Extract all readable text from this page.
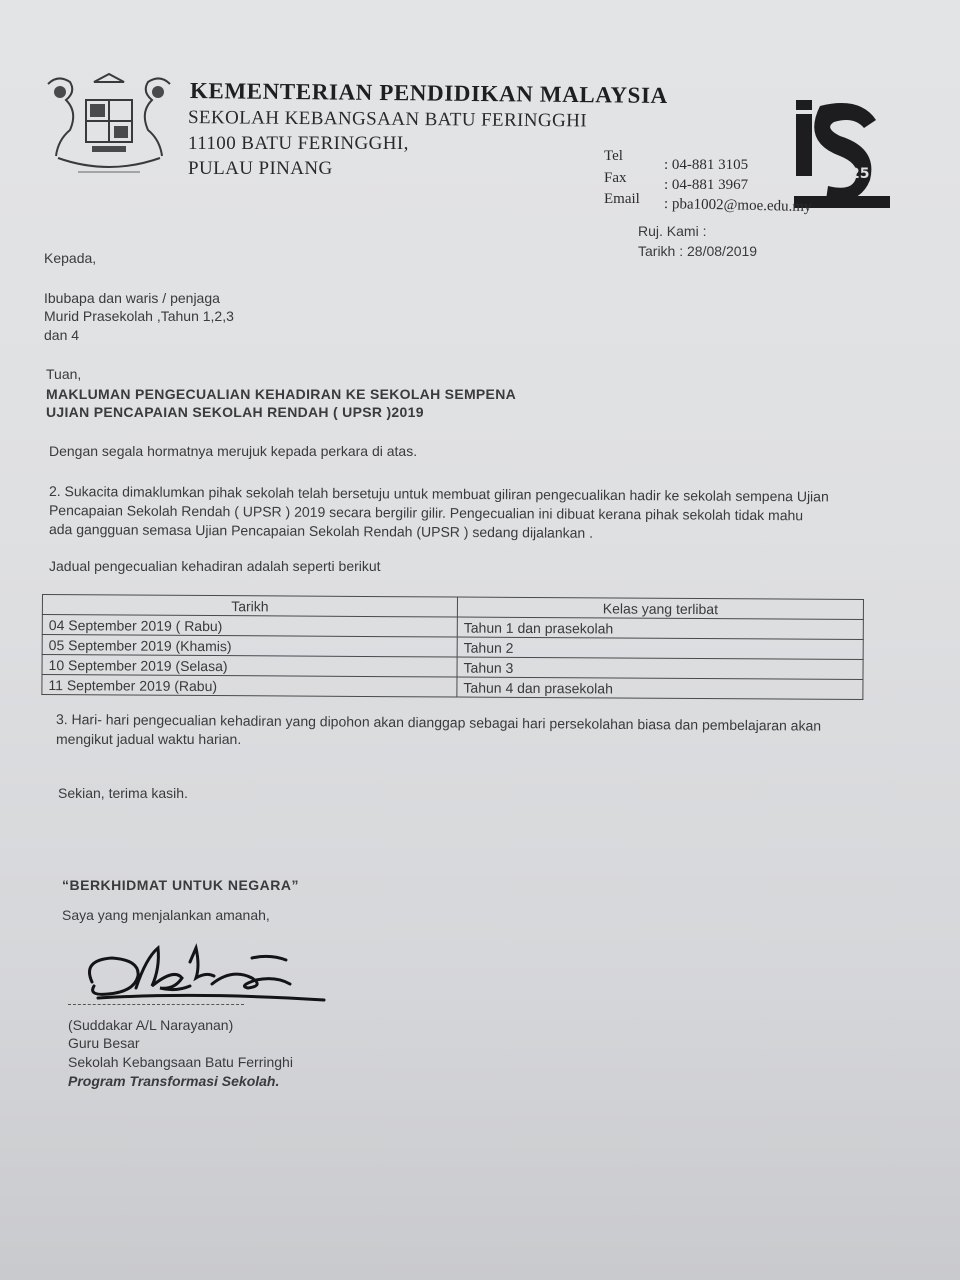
KEMENTERIAN PENDIDIKAN MALAYSIA
SEKOLAH KEBANGSAAN BATU FERINGGHI
11100 BATU FERINGGHI,
PULAU PINANG	25
Tel
: 04-881 3105
Fax	: 04-881 3967
Email : pba1002@moe.edu.my
Ruj. Kami :
Tarikh : 28/08/2019
Kepada,
Ibubapa dan waris / penjaga
Murid Prasekolah ,Tahun 1,2,3
dan 4
Tuan,
MAKLUMAN PENGECUALIAN KEHADIRAN KE SEKOLAH SEMPENA
UJIAN PENCAPAIAN SEKOLAH RENDAH ( UPSR )2019
Dengan segala hormatnya merujuk kepada perkara di atas.
2. Sukacita dimaklumkan pihak sekolah telah bersetuju untuk membuat giliran pengecualikan hadir ke sekolah sempena Ujian
Pencapaian Sekolah Rendah ( UPSR ) 2019 secara bergilir gilir. Pengecualian ini dibuat kerana pihak sekolah tidak mahu
ada gangguan semasa Ujian Pencapaian Sekolah Rendah (UPSR ) sedang dijalankan .
Jadual pengecualian kehadiran adalah seperti berikut
Tarikh	Kelas yang terlibat
04 September 2019 ( Rabu)	Tahun 1 dan prasekolah
05 September 2019 (Khamis)	Tahun 2
10 September 2019 (Selasa)	Tahun 3
11 September 2019 (Rabu)	Tahun 4 dan prasekolah
3. Hari- hari pengecualian kehadiran yang dipohon akan dianggap sebagai hari persekolahan biasa dan pembelajaran akan
mengikut jadual waktu harian.
Sekian, terima kasih.
“BERKHIDMAT UNTUK NEGARA”
Saya yang menjalankan amanah,
(Suddakar A/L Narayanan)
Guru Besar
Sekolah Kebangsaan Batu Ferringhi
Program Transformasi Sekolah.
